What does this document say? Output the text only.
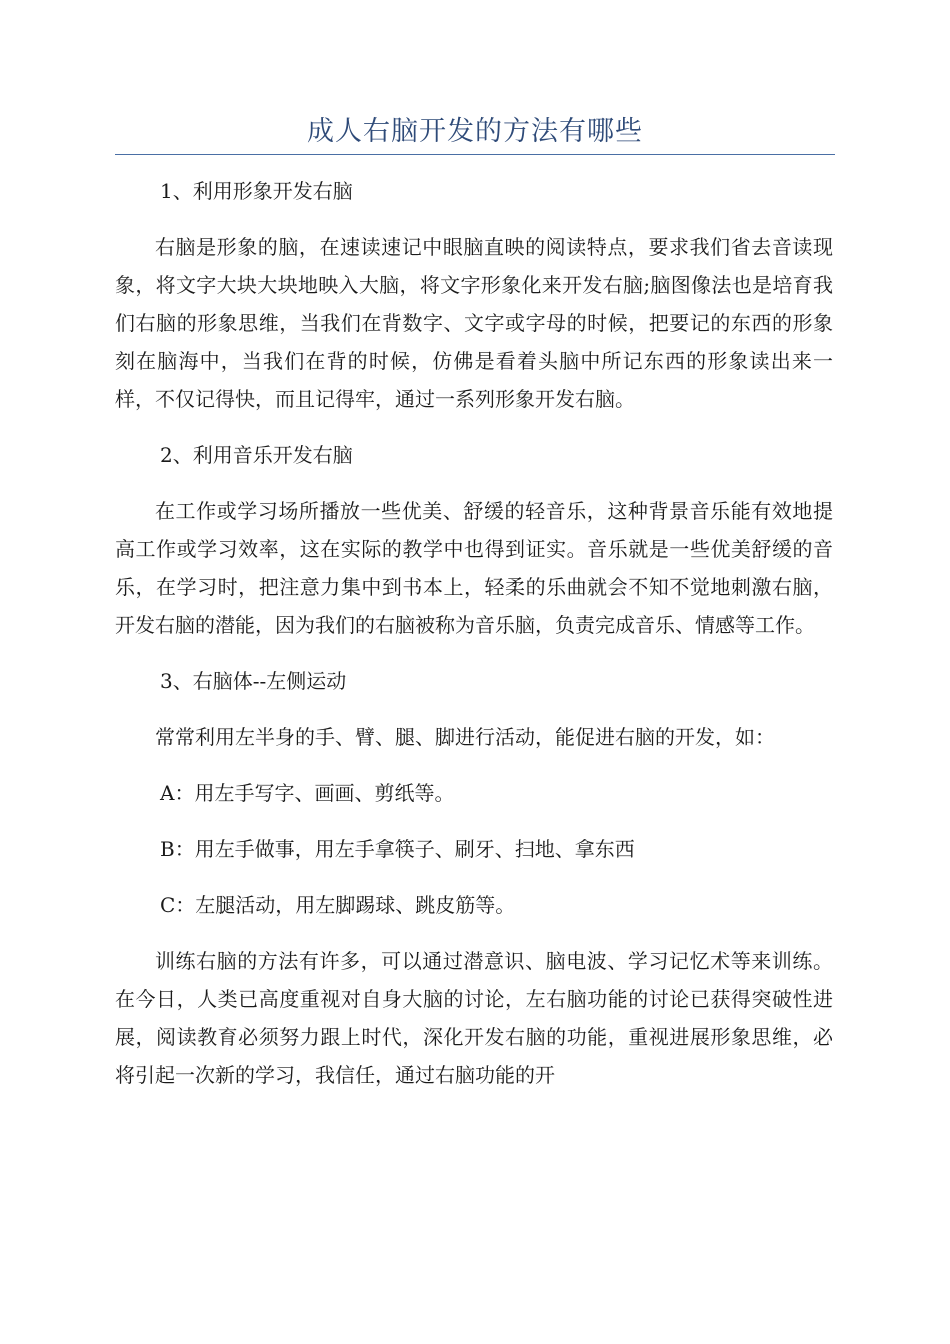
成人右脑开发的方法有哪些

1、利用形象开发右脑

右脑是形象的脑，在速读速记中眼脑直映的阅读特点，要求我们省去音读现象，将文字大块大块地映入大脑，将文字形象化来开发右脑;脑图像法也是培育我们右脑的形象思维，当我们在背数字、文字或字母的时候，把要记的东西的形象刻在脑海中，当我们在背的时候，仿佛是看着头脑中所记东西的形象读出来一样，不仅记得快，而且记得牢，通过一系列形象开发右脑。

2、利用音乐开发右脑

在工作或学习场所播放一些优美、舒缓的轻音乐，这种背景音乐能有效地提高工作或学习效率，这在实际的教学中也得到证实。音乐就是一些优美舒缓的音乐，在学习时，把注意力集中到书本上，轻柔的乐曲就会不知不觉地刺激右脑，开发右脑的潜能，因为我们的右脑被称为音乐脑，负责完成音乐、情感等工作。

3、右脑体--左侧运动

常常利用左半身的手、臂、腿、脚进行活动，能促进右脑的开发，如：

A：用左手写字、画画、剪纸等。

B：用左手做事，用左手拿筷子、刷牙、扫地、拿东西

C：左腿活动，用左脚踢球、跳皮筋等。

训练右脑的方法有许多，可以通过潜意识、脑电波、学习记忆术等来训练。在今日，人类已高度重视对自身大脑的讨论，左右脑功能的讨论已获得突破性进展，阅读教育必须努力跟上时代，深化开发右脑的功能，重视进展形象思维，必将引起一次新的学习，我信任，通过右脑功能的开
